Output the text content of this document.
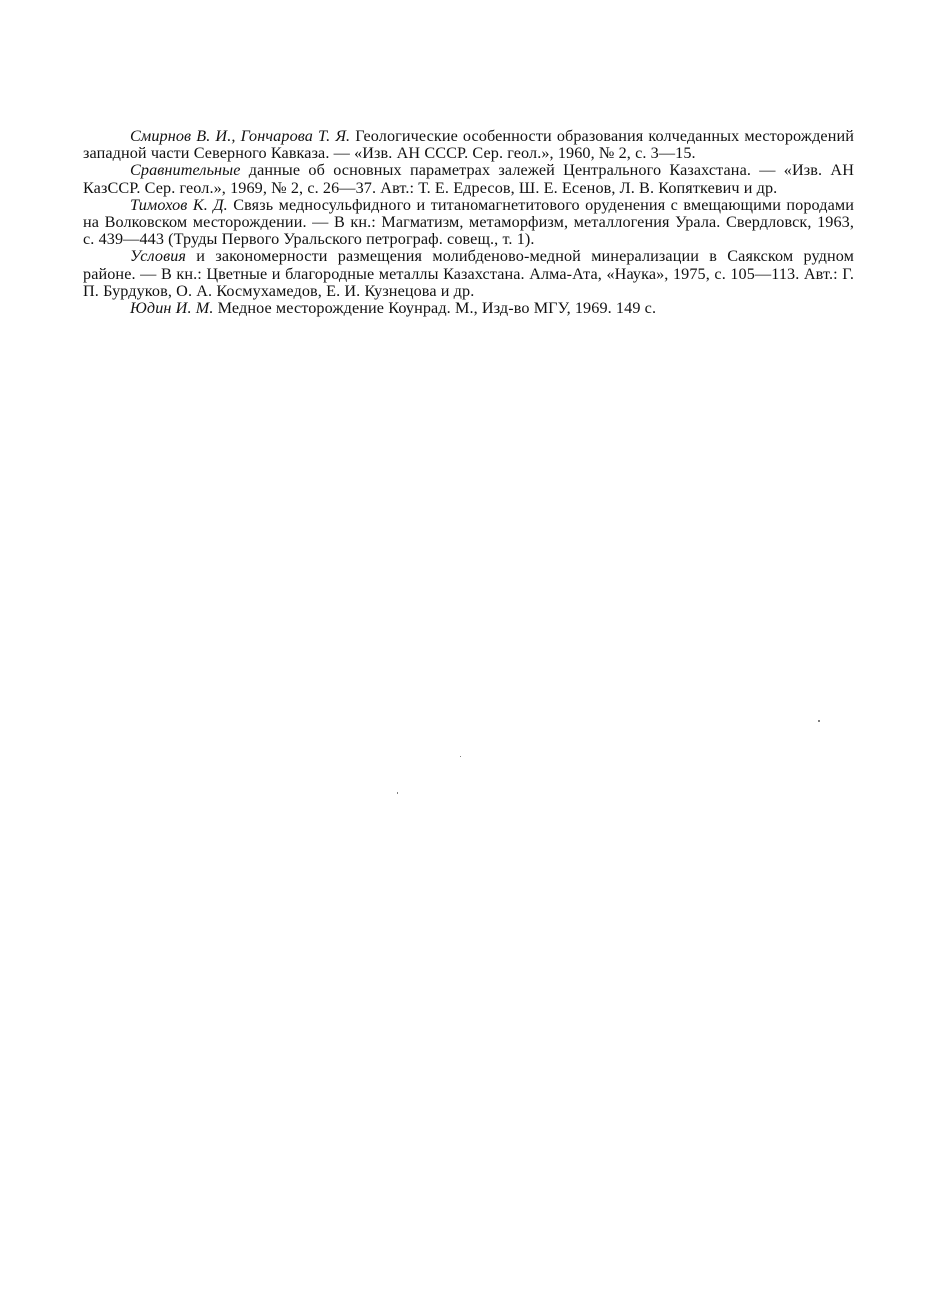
Смирнов В. И., Гончарова Т. Я. Геологические особенности образования колчеданных месторождений западной части Северного Кавказа. — «Изв. АН СССР. Сер. геол.», 1960, № 2, с. 3—15.

Сравнительные данные об основных параметрах залежей Центрального Казахстана. — «Изв. АН КазССР. Сер. геол.», 1969, № 2, с. 26—37. Авт.: Т. Е. Едресов, Ш. Е. Есенов, Л. В. Копяткевич и др.

Тимохов К. Д. Связь медносульфидного и титаномагнетитового оруденения с вмещающими породами на Волковском месторождении. — В кн.: Магматизм, метаморфизм, металлогения Урала. Свердловск, 1963, с. 439—443 (Труды Первого Уральского петрограф. совещ., т. 1).

Условия и закономерности размещения молибденово-медной минерализации в Саякском рудном районе. — В кн.: Цветные и благородные металлы Казахстана. Алма-Ата, «Наука», 1975, с. 105—113. Авт.: Г. П. Бурдуков, О. А. Космухамедов, Е. И. Кузнецова и др.

Юдин И. М. Медное месторождение Коунрад. М., Изд-во МГУ, 1969. 149 с.
